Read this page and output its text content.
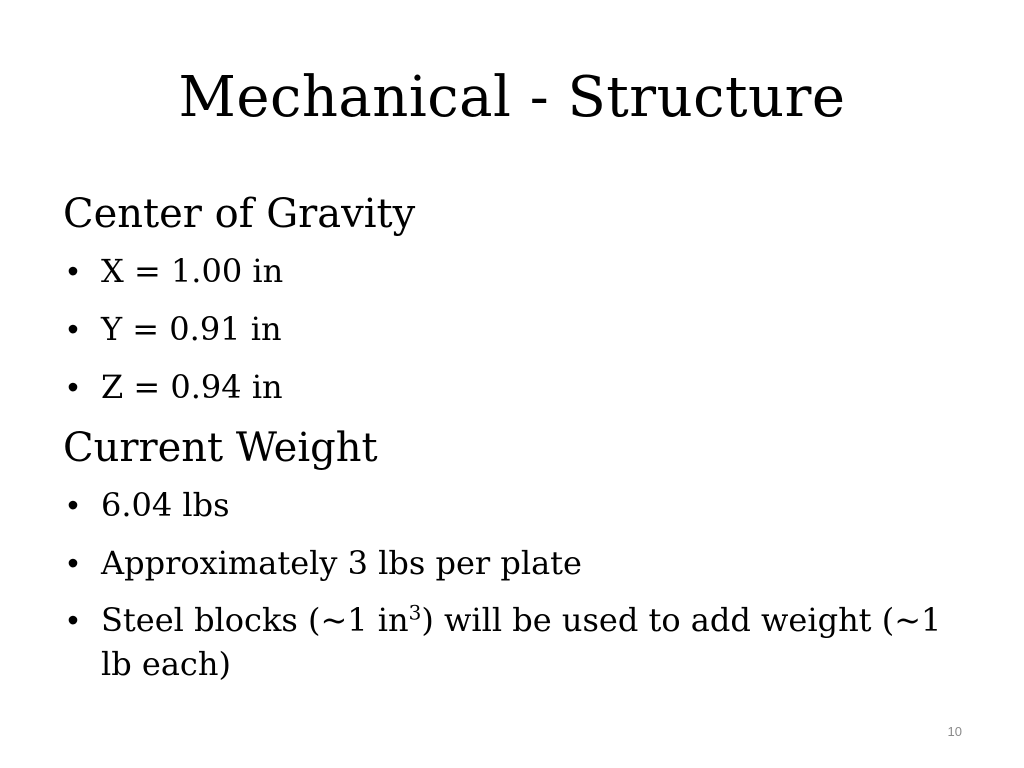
Mechanical - Structure
Center of Gravity
• X = 1.00 in
• Y = 0.91 in
• Z = 0.94 in
Current Weight
• 6.04 lbs
• Approximately 3 lbs per plate
• Steel blocks (~1 $in^3$) will be used to add weight (~1 lb each)
10
